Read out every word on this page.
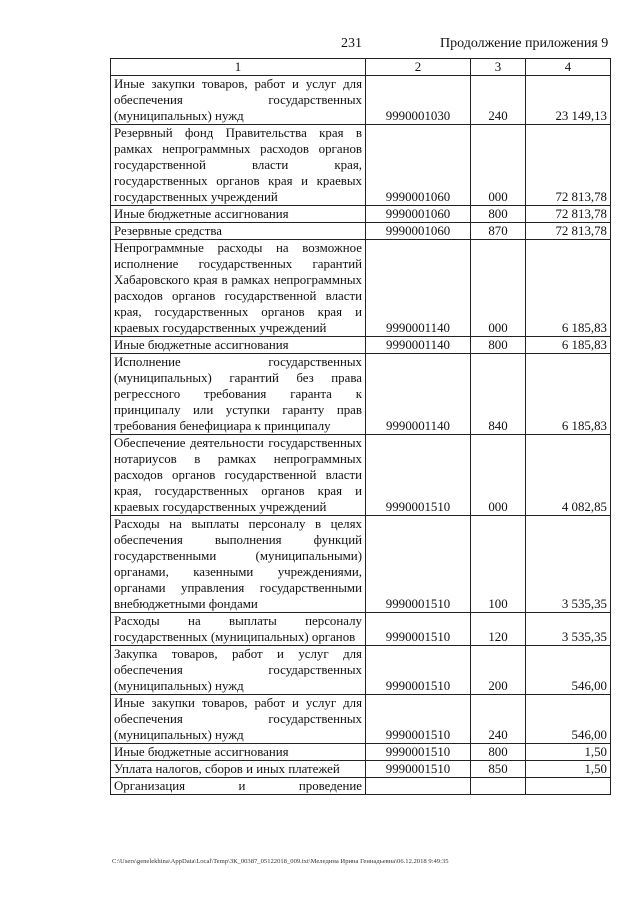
231	Продолжение приложения 9
1	2	3	4
Иные закупки товаров, работ и услуг для обеспечения государственных (муниципальных) нужд	9990001030	240	23 149,13
Резервный фонд Правительства края в рамках непрограммных расходов органов государственной власти края, государственных органов края и краевых государственных учреждений	9990001060	000	72 813,78
Иные бюджетные ассигнования	9990001060	800	72 813,78
Резервные средства	9990001060	870	72 813,78
Непрограммные расходы на возможное исполнение государственных гарантий Хабаровского края в рамках непрограммных расходов органов государственной власти края, государственных органов края и краевых государственных учреждений	9990001140	000	6 185,83
Иные бюджетные ассигнования	9990001140	800	6 185,83
Исполнение государственных (муниципальных) гарантий без права регрессного требования гаранта к принципалу или уступки гаранту прав требования бенефициара к принципалу	9990001140	840	6 185,83
Обеспечение деятельности государственных нотариусов в рамках непрограммных расходов органов государственной власти края, государственных органов края и краевых государственных учреждений	9990001510	000	4 082,85
Расходы на выплаты персоналу в целях обеспечения выполнения функций государственными (муниципальными) органами, казенными учреждениями, органами управления государственными внебюджетными фондами	9990001510	100	3 535,35
Расходы на выплаты персоналу государственных (муниципальных) органов	9990001510	120	3 535,35
Закупка товаров, работ и услуг для обеспечения государственных (муниципальных) нужд	9990001510	200	546,00
Иные закупки товаров, работ и услуг для обеспечения государственных (муниципальных) нужд	9990001510	240	546,00
Иные бюджетные ассигнования	9990001510	800	1,50
Уплата налогов, сборов и иных платежей	9990001510	850	1,50
Организация и проведение			
C:\Users\genelekhina\AppData\Local\Temp\ЗК_00387_05122018_009.txt\Меледина Ирина Геннадьевна\06.12.2018 9:49:35
